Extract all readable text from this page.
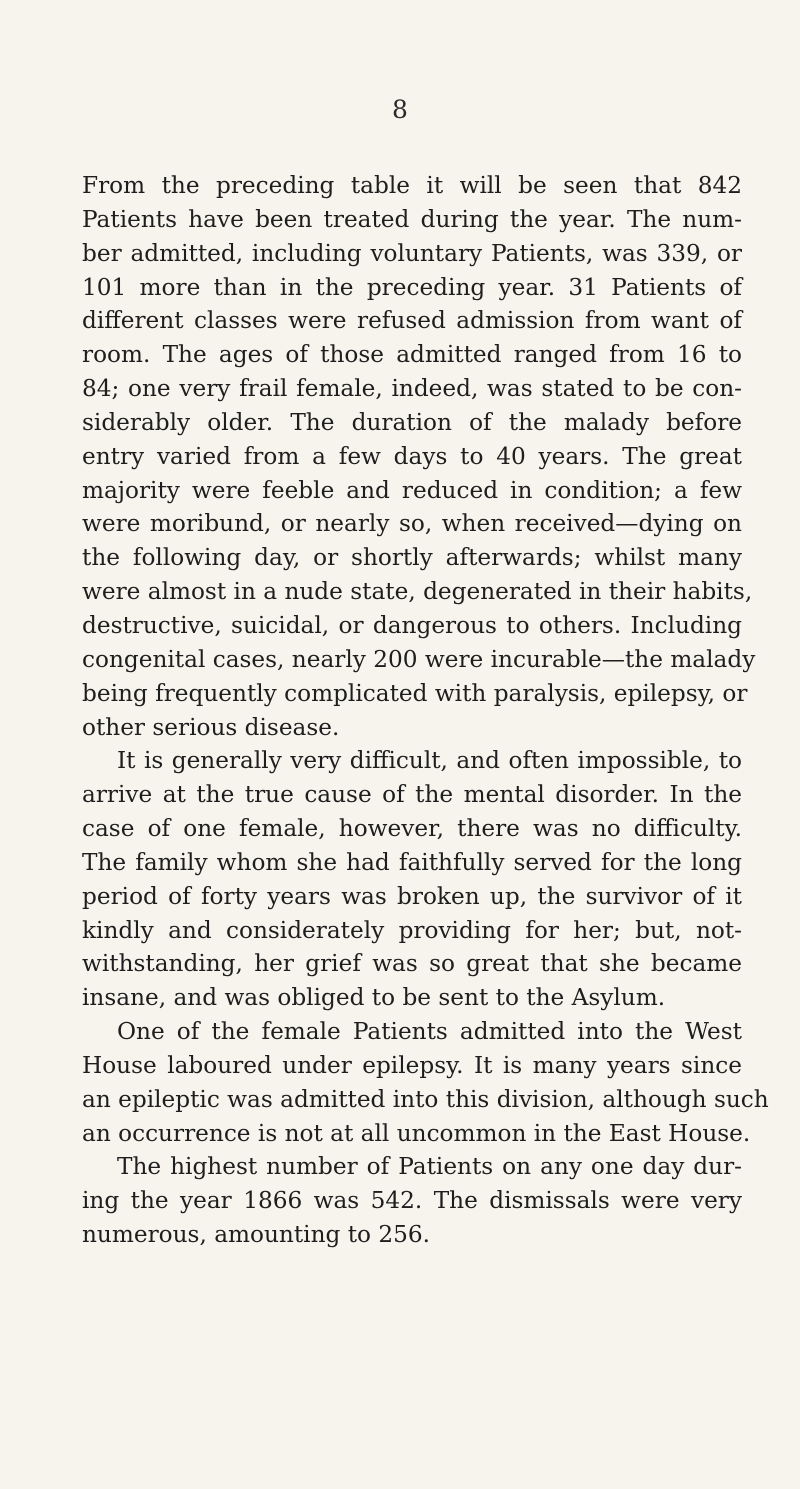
8
From the preceding table it will be seen that 842
Patients have been treated during the year. The num-
ber admitted, including voluntary Patients, was 339, or
101 more than in the preceding year. 31 Patients of
different classes were refused admission from want of
room. The ages of those admitted ranged from 16 to
84; one very frail female, indeed, was stated to be con-
siderably older. The duration of the malady before
entry varied from a few days to 40 years. The great
majority were feeble and reduced in condition; a few
were moribund, or nearly so, when received—dying on
the following day, or shortly afterwards; whilst many
were almost in a nude state, degenerated in their habits,
destructive, suicidal, or dangerous to others. Including
congenital cases, nearly 200 were incurable—the malady
being frequently complicated with paralysis, epilepsy, or
other serious disease.
It is generally very difficult, and often impossible, to
arrive at the true cause of the mental disorder. In the
case of one female, however, there was no difficulty.
The family whom she had faithfully served for the long
period of forty years was broken up, the survivor of it
kindly and considerately providing for her; but, not-
withstanding, her grief was so great that she became
insane, and was obliged to be sent to the Asylum.
One of the female Patients admitted into the West
House laboured under epilepsy. It is many years since
an epileptic was admitted into this division, although such
an occurrence is not at all uncommon in the East House.
The highest number of Patients on any one day dur-
ing the year 1866 was 542. The dismissals were very
numerous, amounting to 256.
